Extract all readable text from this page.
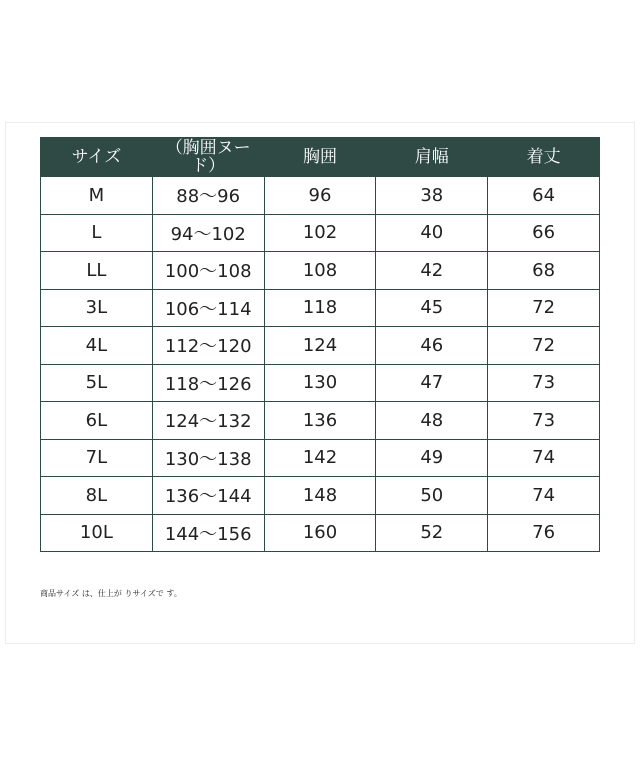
サイズ	（胸囲ヌード）	胸囲	肩幅	着丈
M	88～96	96	38	64
L	94～102	102	40	66
LL	100～108	108	42	68
3L	106～114	118	45	72
4L	112～120	124	46	72
5L	118～126	130	47	73
6L	124～132	136	48	73
7L	130～138	142	49	74
8L	136～144	148	50	74
10L	144～156	160	52	76
商品サイズ は、仕上が りサイズで す。
